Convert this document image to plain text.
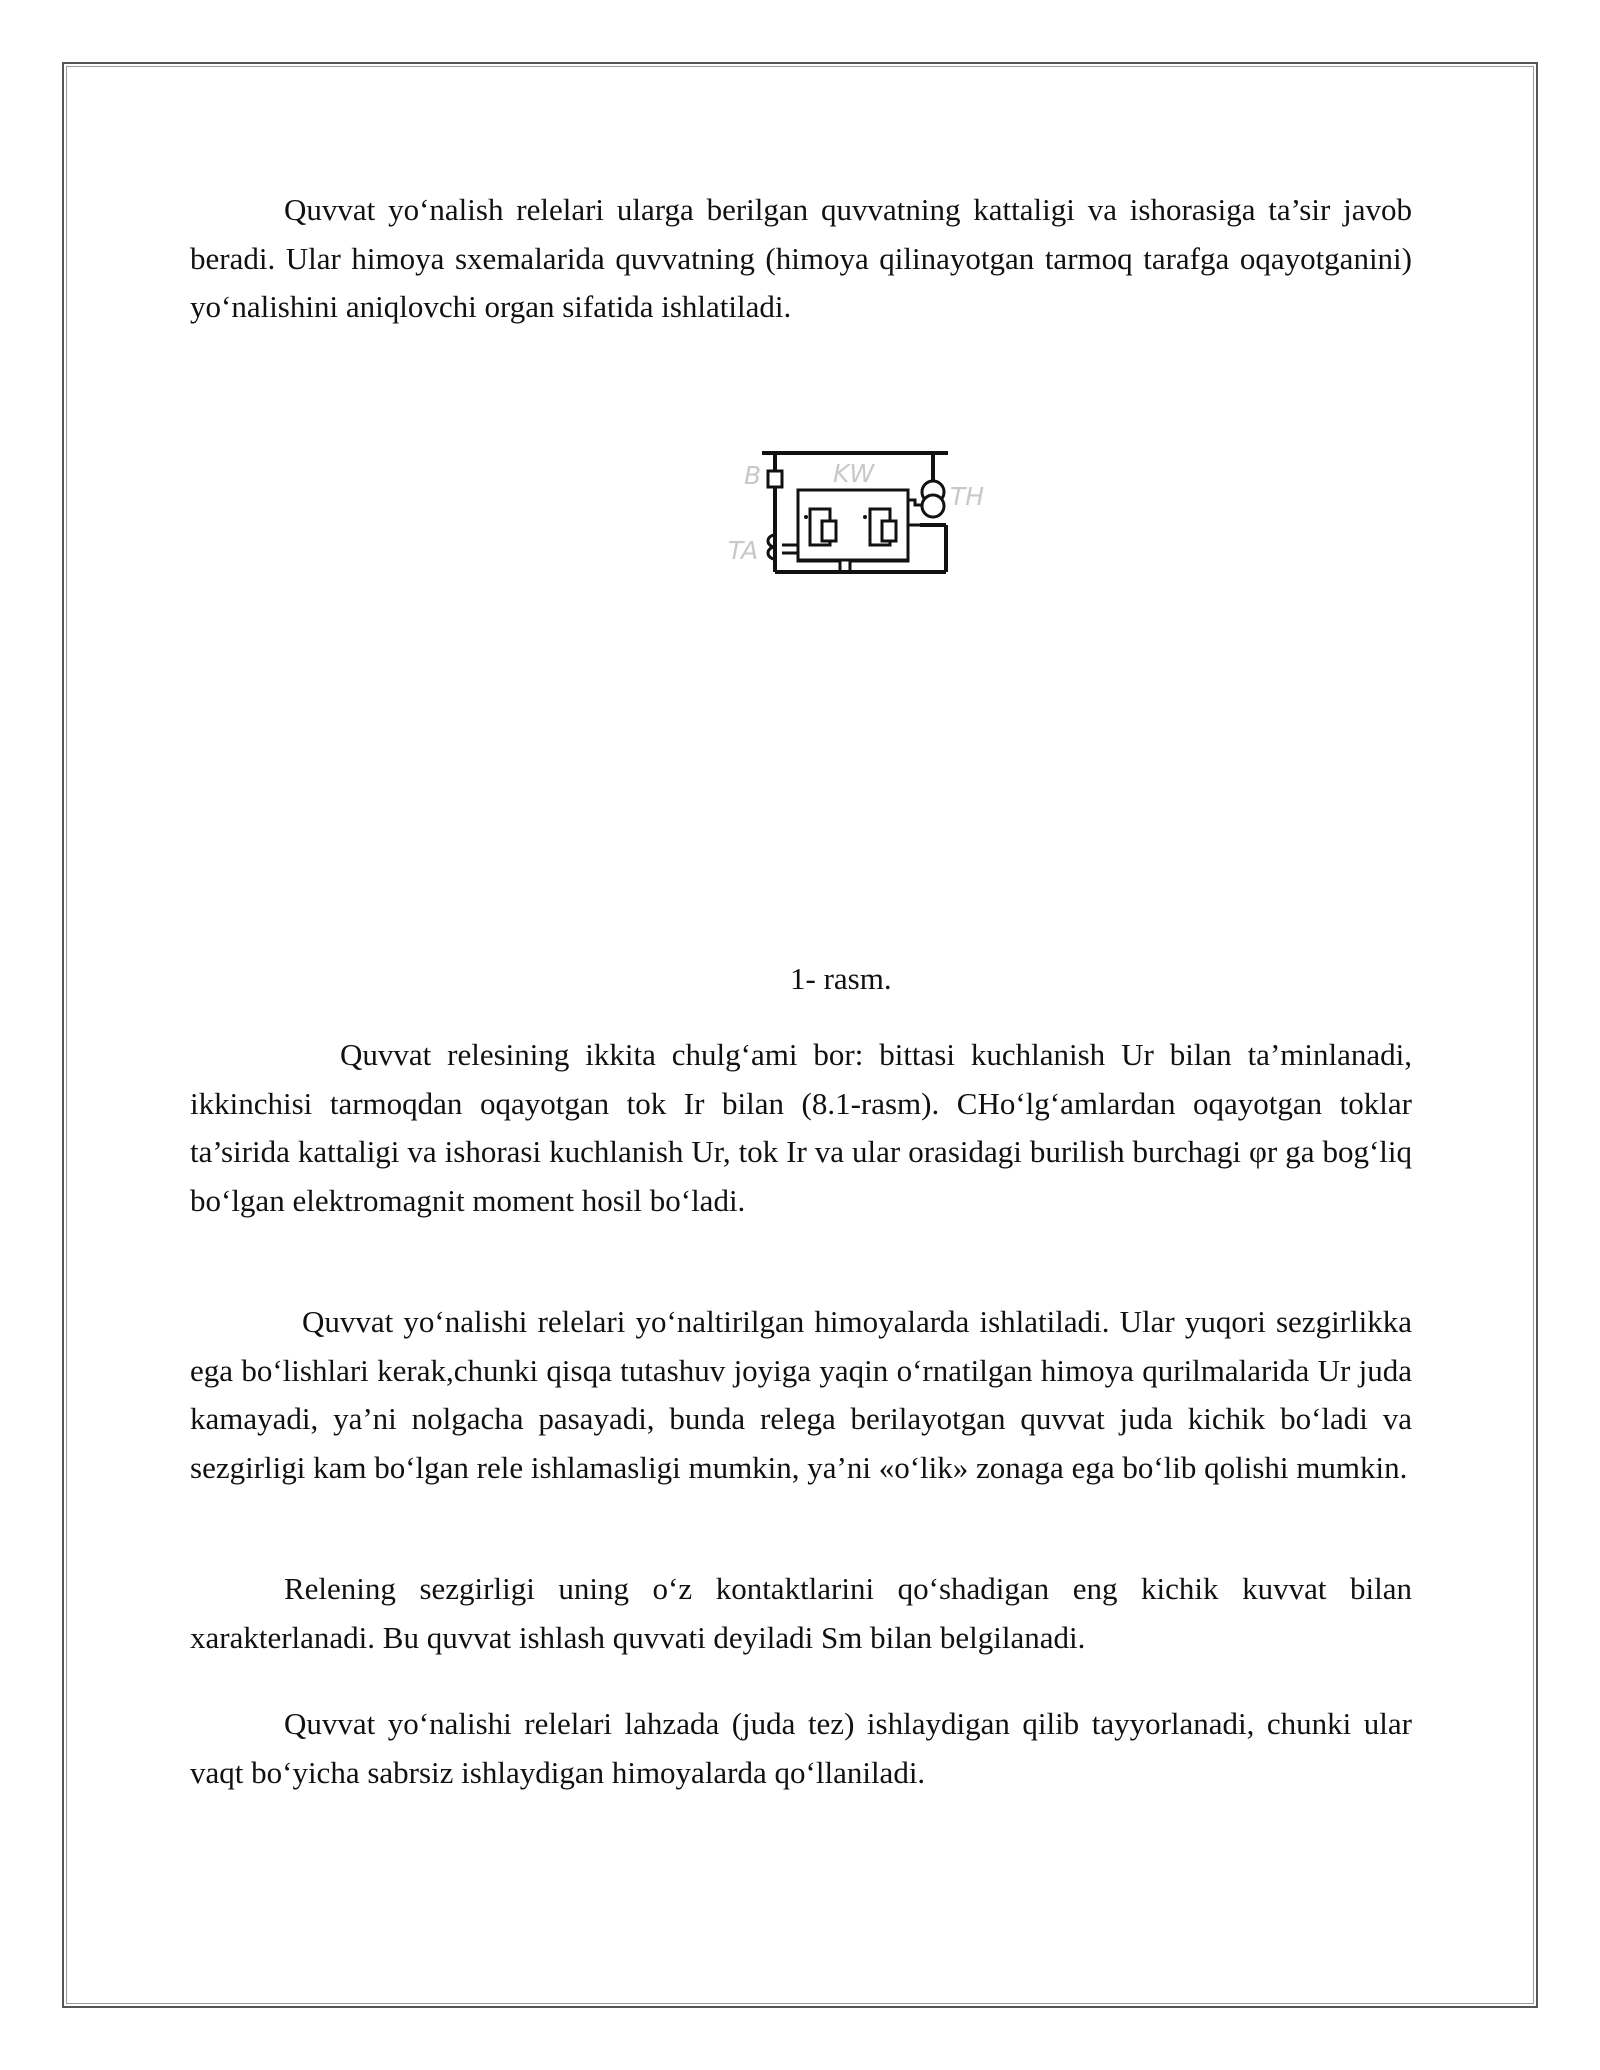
Quvvat yo‘nalish relelari ularga berilgan quvvatning kattaligi va ishorasiga ta’sir javob beradi. Ular himoya sxemalarida quvvatning (himoya qilinayotgan tarmoq tarafga oqayotganini) yo‘nalishini aniqlovchi organ sifatida ishlatiladi.

B	KW
TH
TA
1- rasm.

Quvvat relesining ikkita chulg‘ami bor: bittasi kuchlanish Ur bilan ta’minlanadi, ikkinchisi tarmoqdan oqayotgan tok Ir bilan (8.1-rasm). CHo‘lg‘amlardan oqayotgan toklar ta’sirida kattaligi va ishorasi kuchlanish Ur, tok Ir va ular orasidagi burilish burchagi φr ga bog‘liq bo‘lgan elektromagnit moment hosil bo‘ladi.

Quvvat yo‘nalishi relelari yo‘naltirilgan himoyalarda ishlatiladi. Ular yuqori sezgirlikka ega bo‘lishlari kerak,chunki qisqa tutashuv joyiga yaqin o‘rnatilgan himoya qurilmalarida Ur juda kamayadi, ya’ni nolgacha pasayadi, bunda relega berilayotgan quvvat juda kichik bo‘ladi va sezgirligi kam bo‘lgan rele ishlamasligi mumkin, ya’ni «o‘lik» zonaga ega bo‘lib qolishi mumkin.

Relening sezgirligi uning o‘z kontaktlarini qo‘shadigan eng kichik kuvvat bilan xarakterlanadi. Bu quvvat ishlash quvvati deyiladi Sm bilan belgilanadi.

Quvvat yo‘nalishi relelari lahzada (juda tez) ishlaydigan qilib tayyorlanadi, chunki ular vaqt bo‘yicha sabrsiz ishlaydigan himoyalarda qo‘llaniladi.
